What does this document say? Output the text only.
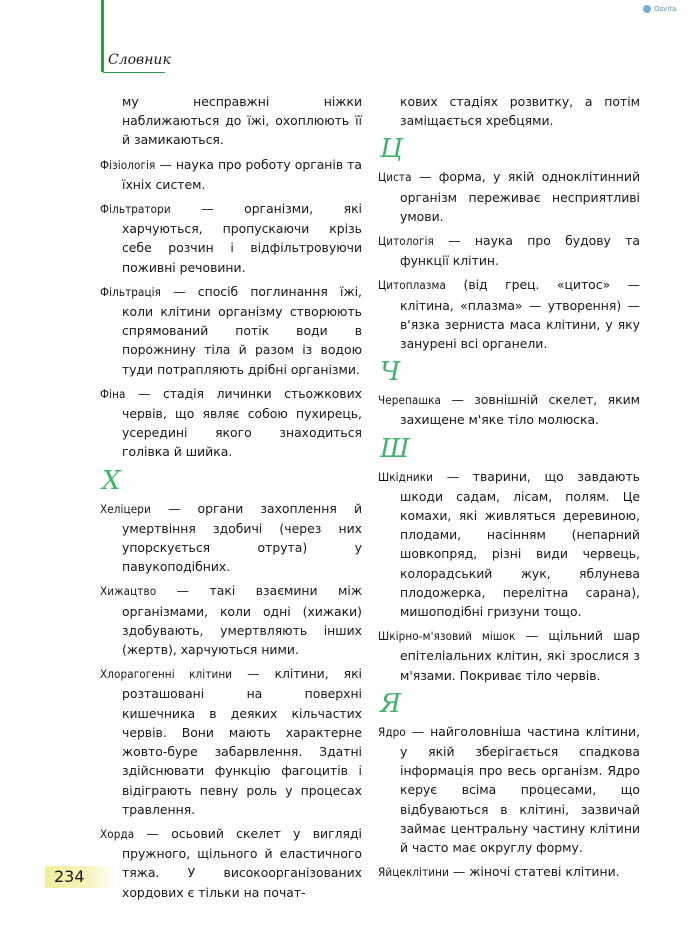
Словник
Osvita

му несправжні ніжки наближаються до їжі, охоплюють її й замикаються.

Фізіологія — наука про роботу органів та їхніх систем.

Фільтратори — організми, які харчуються, пропускаючи крізь себе розчин і відфільтровуючи поживні речовини.

Фільтрація — спосіб поглинання їжі, коли клітини організму створюють спрямований потік води в порожнину тіла й разом із водою туди потрапляють дрібні організми.

Фіна — стадія личинки стьожкових червів, що являє собою пухирець, усередині якого знаходиться голівка й шийка.

Х

Хеліцери — органи захоплення й умертвіння здобичі (через них упорскується отрута) у павукоподібних.

Хижацтво — такі взаємини між організмами, коли одні (хижаки) здобувають, умертвляють інших (жертв), харчуються ними.

Хлорагогенні клітини — клітини, які розташовані на поверхні кишечника в деяких кільчастих червів. Вони мають характерне жовто-буре забарвлення. Здатні здійснювати функцію фагоцитів і відіграють певну роль у процесах травлення.

Хорда — осьовий скелет у вигляді пружного, щільного й еластичного тяжа. У високоорганізованих хордових є тільки на почат-

кових стадіях розвитку, а потім заміщається хребцями.

Ц

Циста — форма, у якій одноклітинний організм переживає несприятливі умови.

Цитологія — наука про будову та функції клітин.

Цитоплазма (від грец. «цитос» — клітина, «плазма» — утворення) — в'язка зерниста маса клітини, у яку занурені всі органели.

Ч

Черепашка — зовнішній скелет, яким захищене м'яке тіло молюска.

Ш

Шкідники — тварини, що завдають шкоди садам, лісам, полям. Це комахи, які живляться деревиною, плодами, насінням (непарний шовкопряд, різні види червець, колорадський жук, яблунева плодожерка, перелітна сарана), мишоподібні гризуни тощо.

Шкірно-м'язовий мішок — щільний шар епітеліальних клітин, які зрослися з м'язами. Покриває тіло червів.

Я

Ядро — найголовніша частина клітини, у якій зберігається спадкова інформація про весь організм. Ядро керує всіма процесами, що відбуваються в клітині, зазвичай займає центральну частину клітини й часто має округлу форму.

Яйцеклітини — жіночі статеві клітини.

234
